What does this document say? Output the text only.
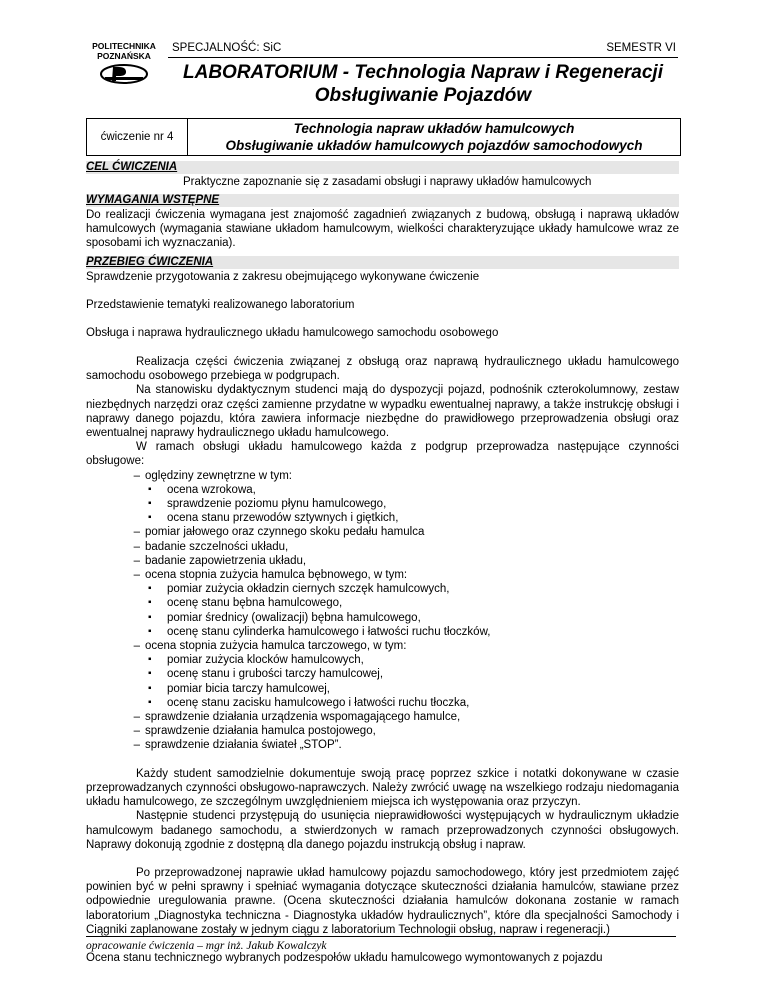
POLITECHNIKA
POZNAŃSKA
SPECJALNOŚĆ: SiC	SEMESTR VI
LABORATORIUM - Technologia Napraw i Regeneracji
Obsługiwanie Pojazdów
ćwiczenie nr 4
Technologia napraw układów hamulcowych
Obsługiwanie układów hamulcowych pojazdów samochodowych
CEL ĆWICZENIA
Praktyczne zapoznanie się z zasadami obsługi i naprawy układów hamulcowych
WYMAGANIA WSTĘPNE
Do realizacji ćwiczenia wymagana jest znajomość zagadnień związanych z budową, obsługą i naprawą układów hamulcowych (wymagania stawiane układom hamulcowym, wielkości charakteryzujące układy hamulcowe wraz ze sposobami ich wyznaczania).
PRZEBIEG ĆWICZENIA
Sprawdzenie przygotowania z zakresu obejmującego wykonywane ćwiczenie
Przedstawienie tematyki realizowanego laboratorium
Obsługa i naprawa hydraulicznego układu hamulcowego samochodu osobowego

Realizacja części ćwiczenia związanej z obsługą oraz naprawą hydraulicznego układu hamulcowego samochodu osobowego przebiega w podgrupach.

Na stanowisku dydaktycznym studenci mają do dyspozycji pojazd, podnośnik czterokolumnowy, zestaw niezbędnych narzędzi oraz części zamienne przydatne w wypadku ewentualnej naprawy, a także instrukcję obsługi i naprawy danego pojazdu, która zawiera informacje niezbędne do prawidłowego przeprowadzenia obsługi oraz ewentualnej naprawy hydraulicznego układu hamulcowego.

W ramach obsługi układu hamulcowego każda z podgrup przeprowadza następujące czynności obsługowe:

– oględziny zewnętrzne w tym:
▪ ocena wzrokowa,
▪ sprawdzenie poziomu płynu hamulcowego,
▪ ocena stanu przewodów sztywnych i giętkich,
– pomiar jałowego oraz czynnego skoku pedału hamulca
– badanie szczelności układu,
– badanie zapowietrzenia układu,
– ocena stopnia zużycia hamulca bębnowego, w tym:
▪ pomiar zużycia okładzin ciernych szczęk hamulcowych,
▪ ocenę stanu bębna hamulcowego,
▪ pomiar średnicy (owalizacji) bębna hamulcowego,
▪ ocenę stanu cylinderka hamulcowego i łatwości ruchu tłoczków,
– ocena stopnia zużycia hamulca tarczowego, w tym:
▪ pomiar zużycia klocków hamulcowych,
▪ ocenę stanu i grubości tarczy hamulcowej,
▪ pomiar bicia tarczy hamulcowej,
▪ ocenę stanu zacisku hamulcowego i łatwości ruchu tłoczka,
– sprawdzenie działania urządzenia wspomagającego hamulce,
– sprawdzenie działania hamulca postojowego,
– sprawdzenie działania świateł „STOP”.

Każdy student samodzielnie dokumentuje swoją pracę poprzez szkice i notatki dokonywane w czasie przeprowadzanych czynności obsługowo-naprawczych. Należy zwrócić uwagę na wszelkiego rodzaju niedomagania układu hamulcowego, ze szczególnym uwzględnieniem miejsca ich występowania oraz przyczyn.

Następnie studenci przystępują do usunięcia nieprawidłowości występujących w hydraulicznym układzie hamulcowym badanego samochodu, a stwierdzonych w ramach przeprowadzonych czynności obsługowych. Naprawy dokonują zgodnie z dostępną dla danego pojazdu instrukcją obsług i napraw.

Po przeprowadzonej naprawie układ hamulcowy pojazdu samochodowego, który jest przedmiotem zajęć powinien być w pełni sprawny i spełniać wymagania dotyczące skuteczności działania hamulców, stawiane przez odpowiednie uregulowania prawne. (Ocena skuteczności działania hamulców dokonana zostanie w ramach laboratorium „Diagnostyka techniczna - Diagnostyka układów hydraulicznych”, które dla specjalności Samochody i Ciągniki zaplanowane zostały w jednym ciągu z laboratorium Technologii obsług, napraw i regeneracji.)

Ocena stanu technicznego wybranych podzespołów układu hamulcowego wymontowanych z pojazdu

opracowanie ćwiczenia – mgr inż. Jakub Kowalczyk
